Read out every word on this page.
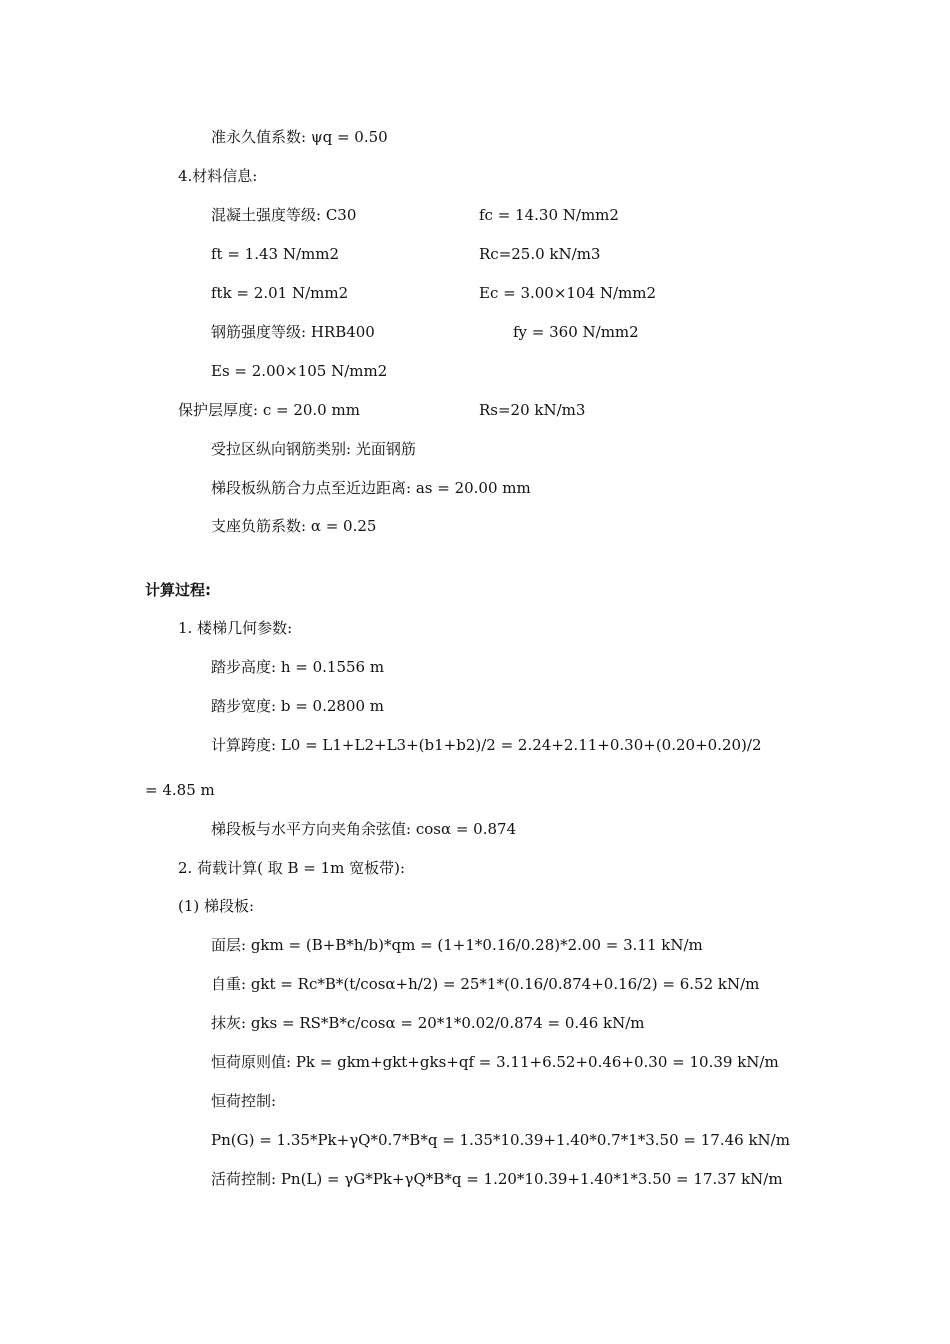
准永久值系数: ψq = 0.50
4.材料信息:
混凝土强度等级: C30	fc = 14.30 N/mm2
ft = 1.43 N/mm2	Rc=25.0 kN/m3
ftk = 2.01 N/mm2	Ec = 3.00×104 N/mm2
钢筋强度等级: HRB400	fy = 360 N/mm2
Es = 2.00×105 N/mm2
保护层厚度: c = 20.0 mm	Rs=20 kN/m3
受拉区纵向钢筋类别: 光面钢筋
梯段板纵筋合力点至近边距离: as = 20.00 mm
支座负筋系数: α = 0.25
计算过程:
1. 楼梯几何参数:
踏步高度: h = 0.1556 m
踏步宽度: b = 0.2800 m
计算跨度: L0 = L1+L2+L3+(b1+b2)/2 = 2.24+2.11+0.30+(0.20+0.20)/2
= 4.85 m
梯段板与水平方向夹角余弦值: cosα = 0.874
2. 荷载计算( 取 B = 1m 宽板带):
(1) 梯段板:
面层: gkm = (B+B*h/b)*qm = (1+1*0.16/0.28)*2.00 = 3.11 kN/m
自重: gkt = Rc*B*(t/cosα+h/2) = 25*1*(0.16/0.874+0.16/2) = 6.52 kN/m
抹灰: gks = RS*B*c/cosα = 20*1*0.02/0.874 = 0.46 kN/m
恒荷原则值: Pk = gkm+gkt+gks+qf = 3.11+6.52+0.46+0.30 = 10.39 kN/m
恒荷控制:
Pn(G) = 1.35*Pk+γQ*0.7*B*q = 1.35*10.39+1.40*0.7*1*3.50 = 17.46 kN/m
活荷控制: Pn(L) = γG*Pk+γQ*B*q = 1.20*10.39+1.40*1*3.50 = 17.37 kN/m
